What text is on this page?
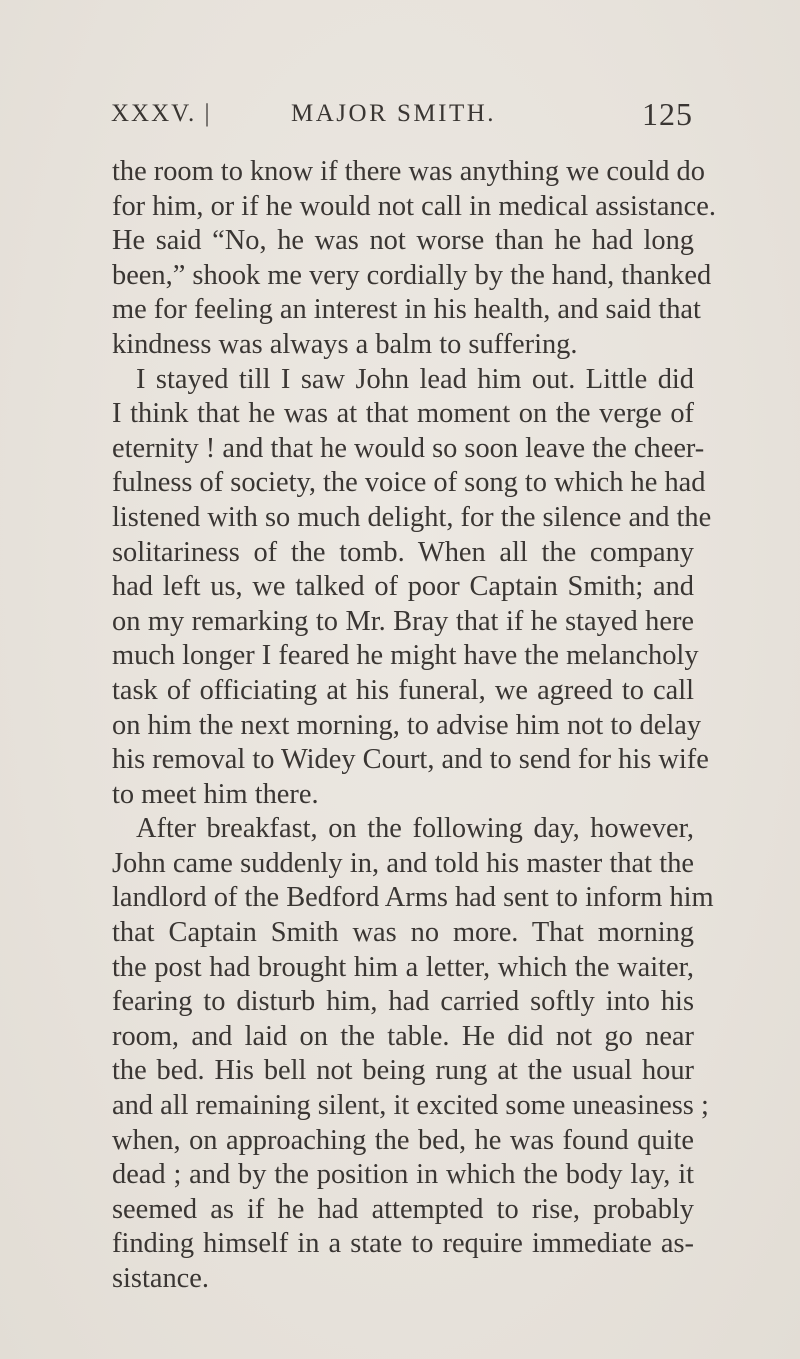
XXXV. |	MAJOR SMITH.	125
the room to know if there was anything we could do
for him, or if he would not call in medical assistance.
He said “No, he was not worse than he had long
been,” shook me very cordially by the hand, thanked
me for feeling an interest in his health, and said that
kindness was always a balm to suffering.
I stayed till I saw John lead him out. Little did
I think that he was at that moment on the verge of
eternity ! and that he would so soon leave the cheer-
fulness of society, the voice of song to which he had
listened with so much delight, for the silence and the
solitariness of the tomb. When all the company
had left us, we talked of poor Captain Smith; and
on my remarking to Mr. Bray that if he stayed here
much longer I feared he might have the melancholy
task of officiating at his funeral, we agreed to call
on him the next morning, to advise him not to delay
his removal to Widey Court, and to send for his wife
to meet him there.
After breakfast, on the following day, however,
John came suddenly in, and told his master that the
landlord of the Bedford Arms had sent to inform him
that Captain Smith was no more. That morning
the post had brought him a letter, which the waiter,
fearing to disturb him, had carried softly into his
room, and laid on the table. He did not go near
the bed. His bell not being rung at the usual hour
and all remaining silent, it excited some uneasiness ;
when, on approaching the bed, he was found quite
dead ; and by the position in which the body lay, it
seemed as if he had attempted to rise, probably
finding himself in a state to require immediate as-
sistance.
